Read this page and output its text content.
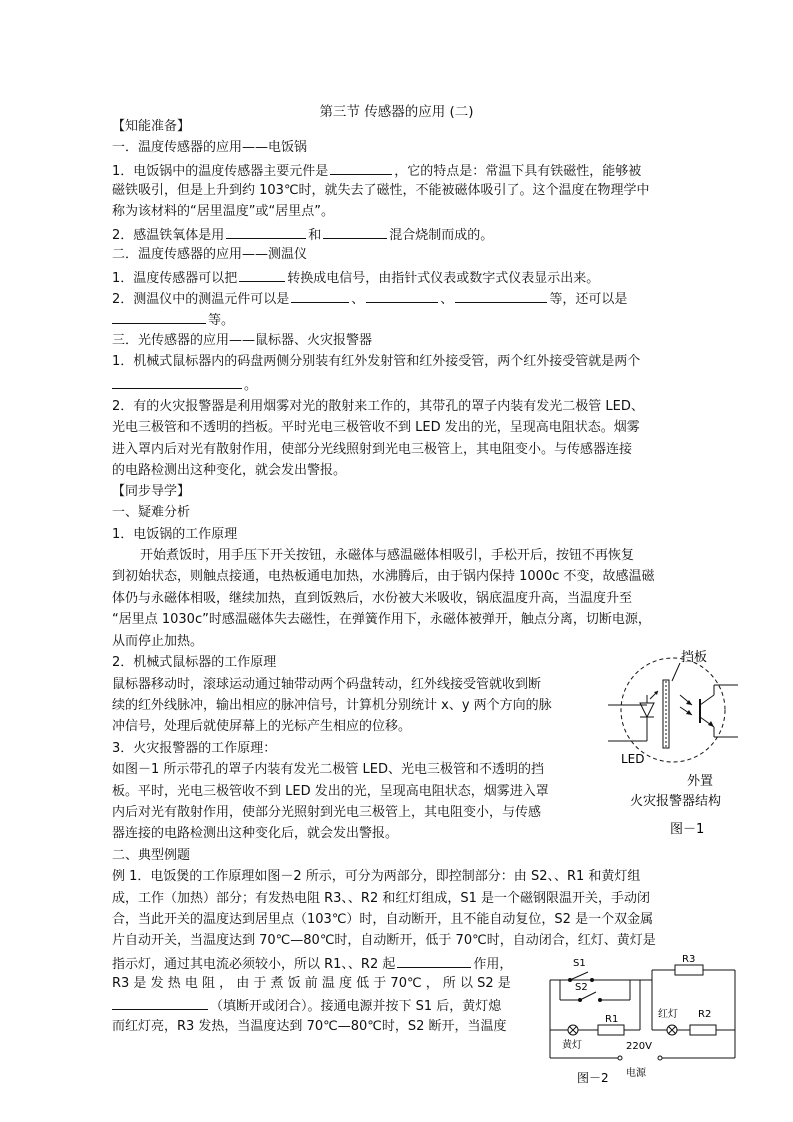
第三节 传感器的应用 (二)
【知能准备】
一．温度传感器的应用——电饭锅
1．电饭锅中的温度传感器主要元件是	，它的特点是：常温下具有铁磁性，能够被
磁铁吸引，但是上升到约 103℃时，就失去了磁性，不能被磁体吸引了。这个温度在物理学中
称为该材料的“居里温度”或“居里点”。
2．感温铁氧体是用	和	混合烧制而成的。
二．温度传感器的应用——测温仪
1．温度传感器可以把	转换成电信号，由指针式仪表或数字式仪表显示出来。
2．测温仪中的测温元件可以是	、	、	等，还可以是
等。
三．光传感器的应用——鼠标器、火灾报警器
1．机械式鼠标器内的码盘两侧分别装有红外发射管和红外接受管，两个红外接受管就是两个
。
2．有的火灾报警器是利用烟雾对光的散射来工作的，其带孔的罩子内装有发光二极管 LED、
光电三极管和不透明的挡板。平时光电三极管收不到 LED 发出的光，呈现高电阻状态。烟雾
进入罩内后对光有散射作用，使部分光线照射到光电三极管上，其电阻变小。与传感器连接
的电路检测出这种变化，就会发出警报。
【同步导学】
一、疑难分析
1．电饭锅的工作原理
开始煮饭时，用手压下开关按钮，永磁体与感温磁体相吸引，手松开后，按钮不再恢复
到初始状态，则触点接通，电热板通电加热，水沸腾后，由于锅内保持 1000c 不变，故感温磁
体仍与永磁体相吸，继续加热，直到饭熟后，水份被大米吸收，锅底温度升高，当温度升至
“居里点 1030c”时感温磁体失去磁性，在弹簧作用下，永磁体被弹开，触点分离，切断电源，
从而停止加热。
2．机械式鼠标器的工作原理
鼠标器移动时，滚球运动通过轴带动两个码盘转动，红外线接受管就收到断
续的红外线脉冲，输出相应的脉冲信号，计算机分别统计 x、y 两个方向的脉
冲信号，处理后就使屏幕上的光标产生相应的位移。
3．火灾报警器的工作原理：
如图－1 所示带孔的罩子内装有发光二极管 LED、光电三极管和不透明的挡
板。平时，光电三极管收不到 LED 发出的光，呈现高电阻状态，烟雾进入罩
内后对光有散射作用，使部分光照射到光电三极管上，其电阻变小，与传感
器连接的电路检测出这种变化后，就会发出警报。
二、典型例题
例 1．电饭煲的工作原理如图－2 所示，可分为两部分，即控制部分：由 S2、、R1 和黄灯组
成，工作（加热）部分；有发热电阻 R3、、R2 和红灯组成，S1 是一个磁钢限温开关，手动闭
合，当此开关的温度达到居里点（103℃）时，自动断开，且不能自动复位，S2 是一个双金属
片自动开关，当温度达到 70℃—80℃时，自动断开，低于 70℃时，自动闭合，红灯、黄灯是
指示灯，通过其电流必须较小，所以 R1、、R2 起	作用，
R3 是 发 热 电 阻 ， 由 于 煮 饭 前 温 度 低 于 70℃ ， 所 以 S2 是
（填断开或闭合）。接通电源并按下 S1 后，黄灯熄
而红灯亮，R3 发热，当温度达到 70℃—80℃时，S2 断开，当温度
挡板
LED
外置
火灾报警器结构
图－1
S1
S2
R1
黄灯
R3
红灯 R2
220V
电源
图－2
